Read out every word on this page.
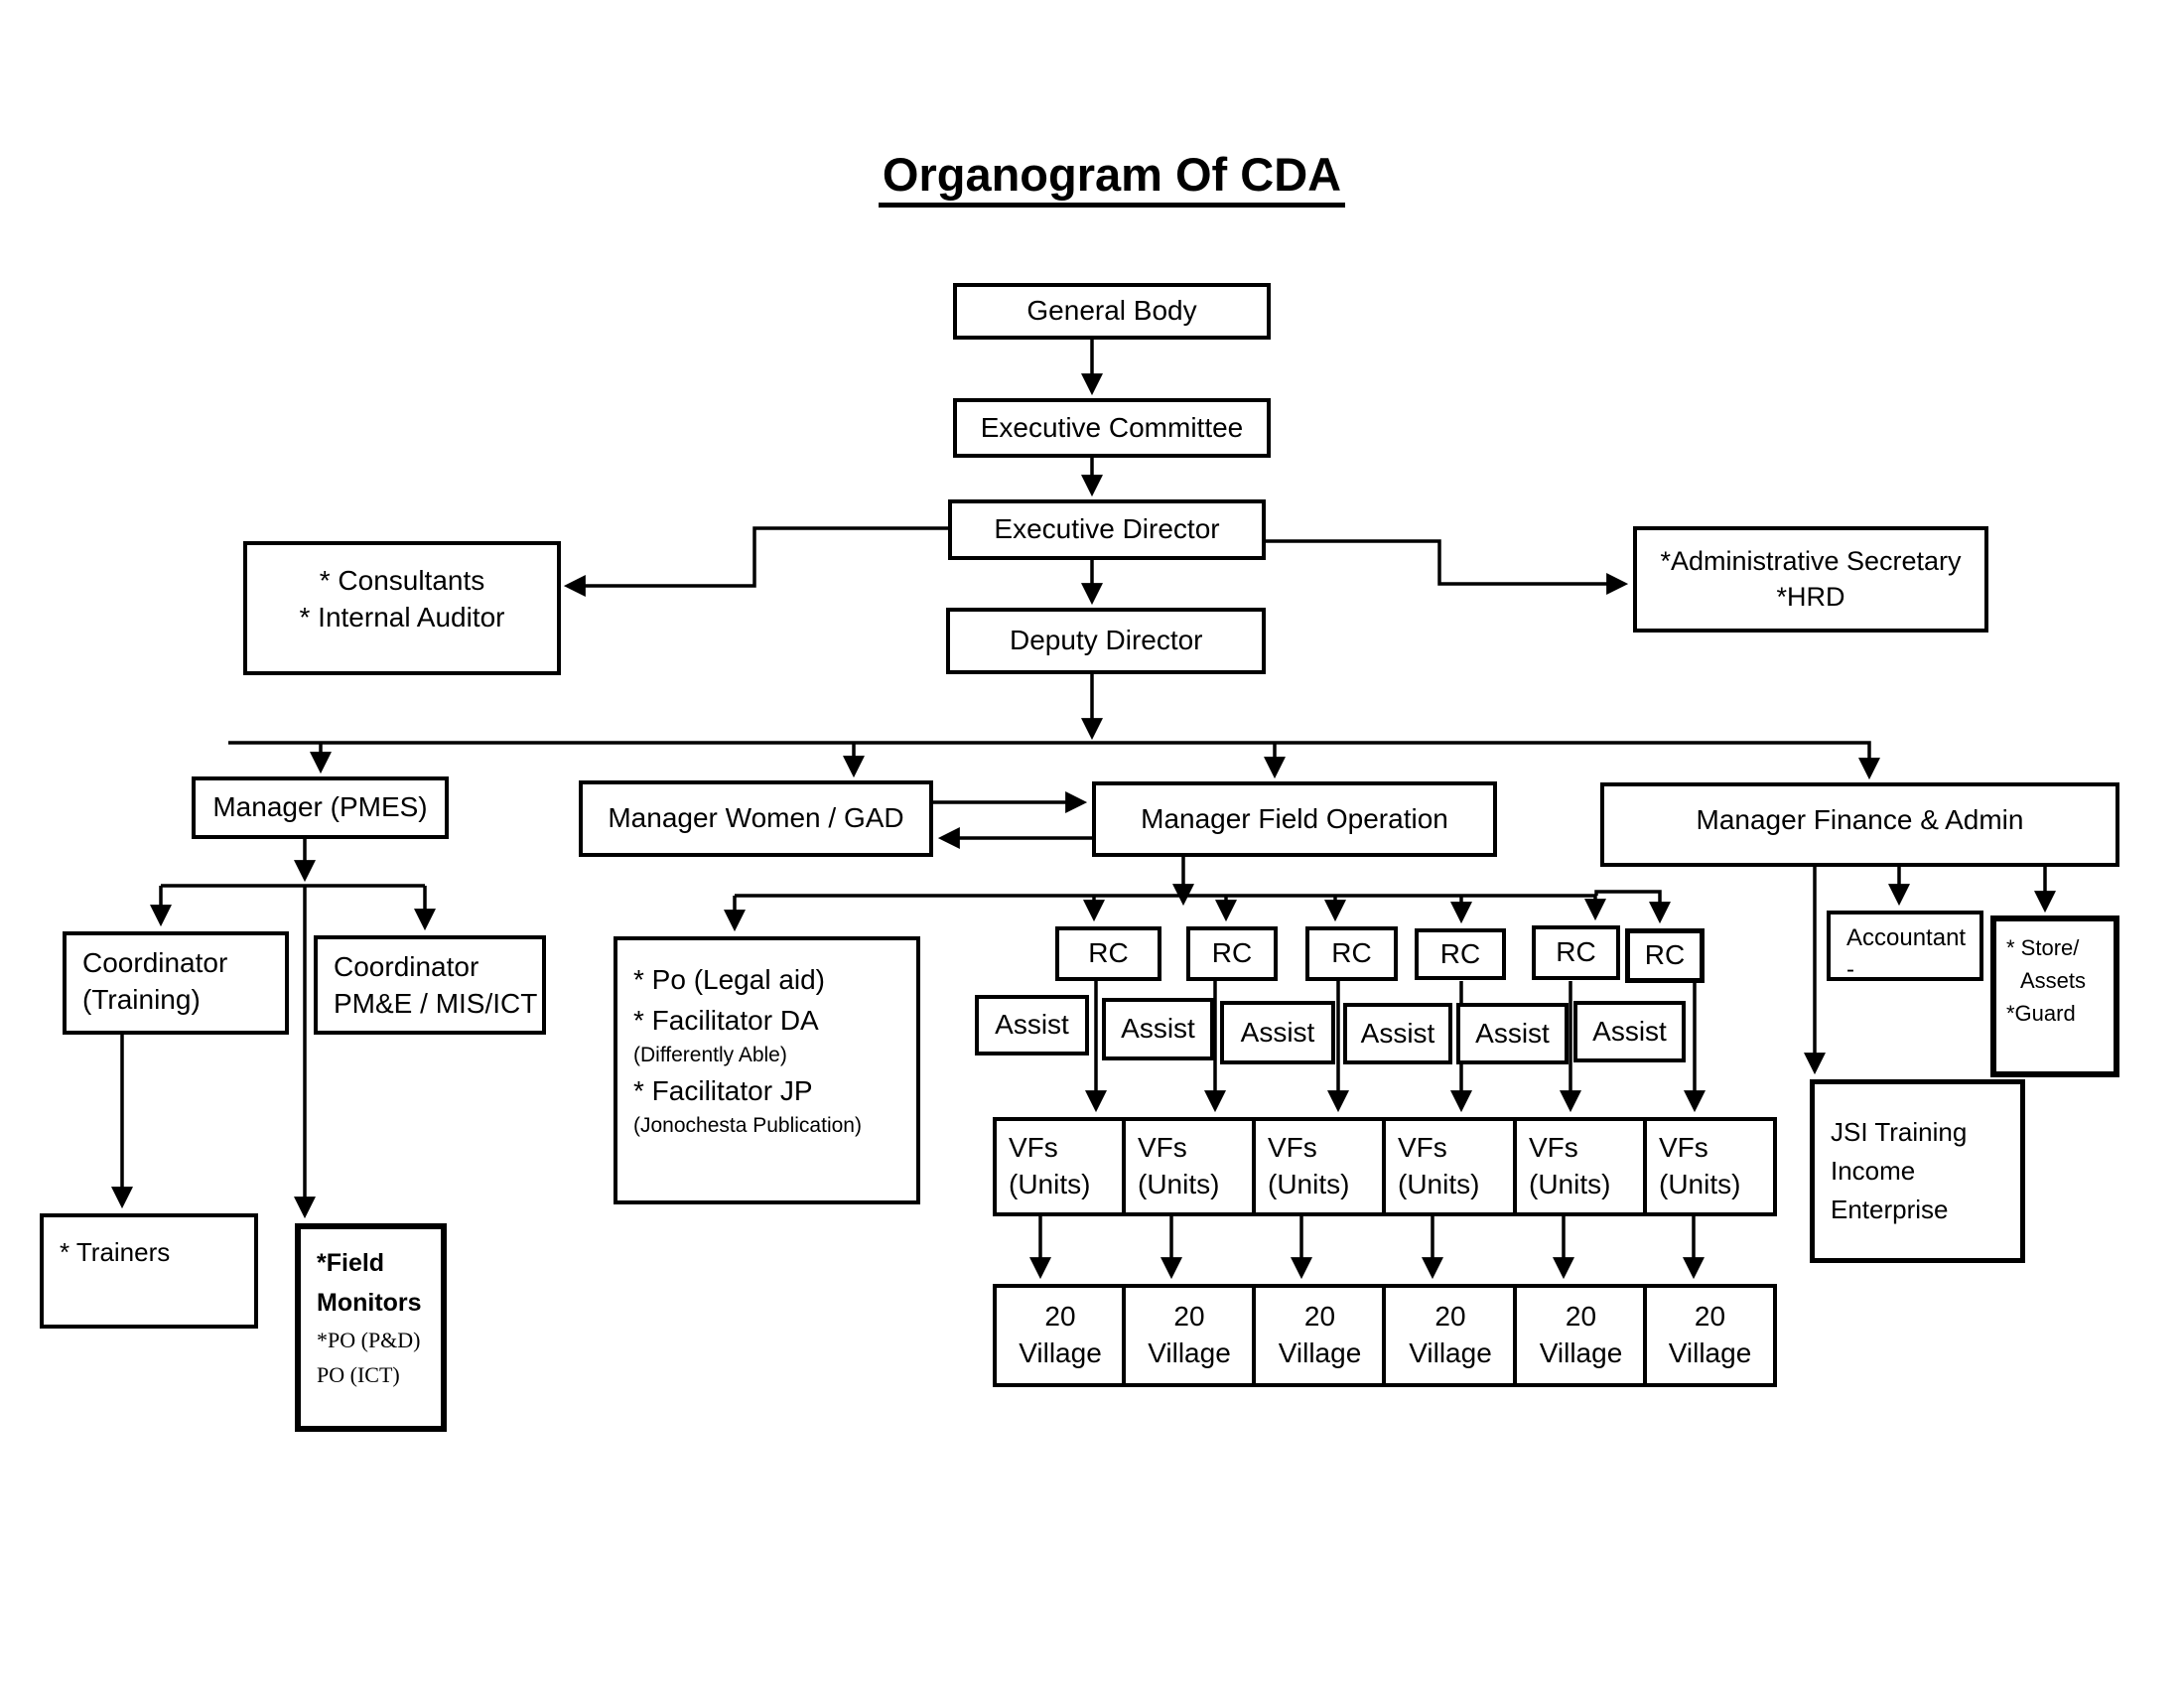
Organogram Of CDA
General Body
Executive Committee
Executive Director
Deputy Director
* Consultants
* Internal Auditor
*Administrative Secretary
*HRD
Manager (PMES)	Manager Women / GAD	Manager Field Operation	Manager Finance & Admin
Coordinator
(Training)
Coordinator
PM&E / MIS/ICT
* Trainers	*Field
Monitors
*PO (P&D)
PO (ICT)
* Po (Legal aid)
* Facilitator DA
(Differently Able)
* Facilitator JP
(Jonochesta Publication)
RC	RC	RC RC	RC RC
Assist Assist Assist Assist Assist Assist
VFs
(Units)
VFs
(Units)
VFs
(Units)
VFs
(Units)
VFs
(Units)
VFs
(Units)
20
Village
20
Village
20
Village
20
Village
20
Village
20
Village
Accountant
-
* Store/
Assets
*Guard
JSI Training
Income
Enterprise
